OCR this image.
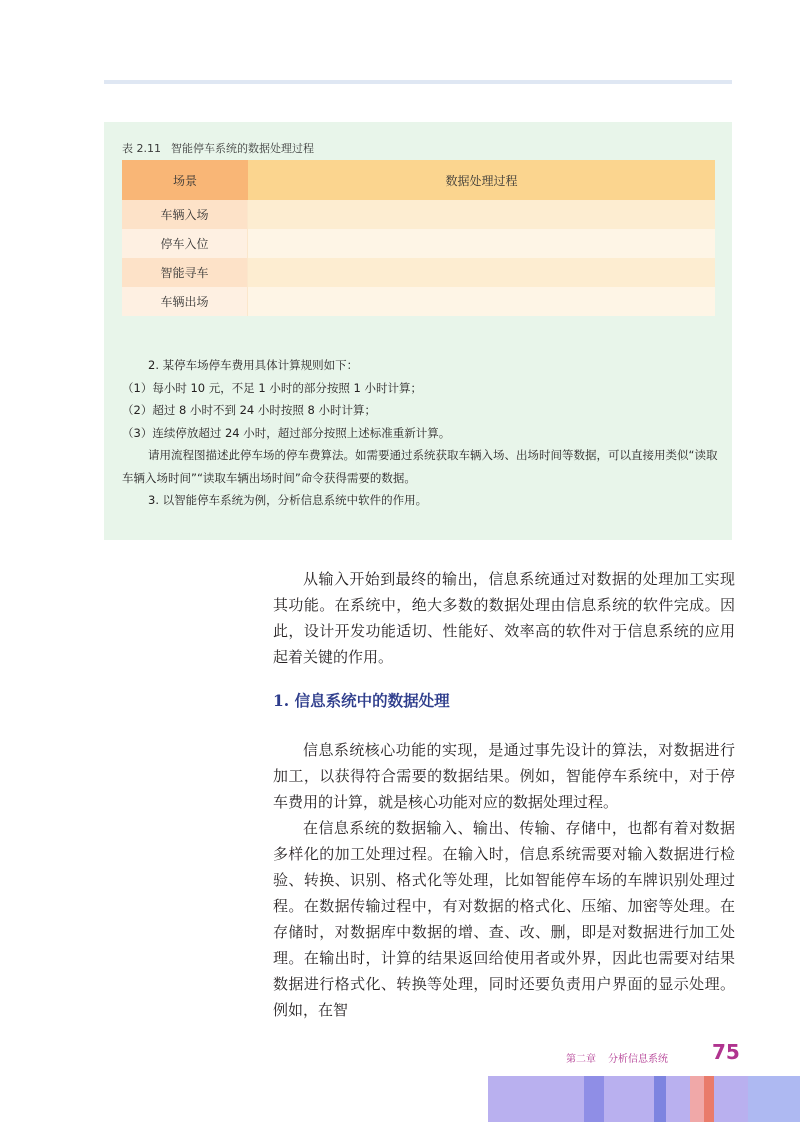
表 2.11 智能停车系统的数据处理过程
场景	数据处理过程
车辆入场	
停车入位	
智能寻车	
车辆出场	

2. 某停车场停车费用具体计算规则如下：

（1）每小时 10 元，不足 1 小时的部分按照 1 小时计算；

（2）超过 8 小时不到 24 小时按照 8 小时计算；

（3）连续停放超过 24 小时，超过部分按照上述标准重新计算。

请用流程图描述此停车场的停车费算法。如需要通过系统获取车辆入场、出场时间等数据，可以直接用类似“读取车辆入场时间”“读取车辆出场时间”命令获得需要的数据。

3. 以智能停车系统为例，分析信息系统中软件的作用。

从输入开始到最终的输出，信息系统通过对数据的处理加工实现其功能。在系统中，绝大多数的数据处理由信息系统的软件完成。因此，设计开发功能适切、性能好、效率高的软件对于信息系统的应用起着关键的作用。

1. 信息系统中的数据处理

信息系统核心功能的实现，是通过事先设计的算法，对数据进行加工，以获得符合需要的数据结果。例如，智能停车系统中，对于停车费用的计算，就是核心功能对应的数据处理过程。

在信息系统的数据输入、输出、传输、存储中，也都有着对数据多样化的加工处理过程。在输入时，信息系统需要对输入数据进行检验、转换、识别、格式化等处理，比如智能停车场的车牌识别处理过程。在数据传输过程中，有对数据的格式化、压缩、加密等处理。在存储时，对数据库中数据的增、查、改、删，即是对数据进行加工处理。在输出时，计算的结果返回给使用者或外界，因此也需要对结果数据进行格式化、转换等处理，同时还要负责用户界面的显示处理。例如，在智

第二章 分析信息系统	75
